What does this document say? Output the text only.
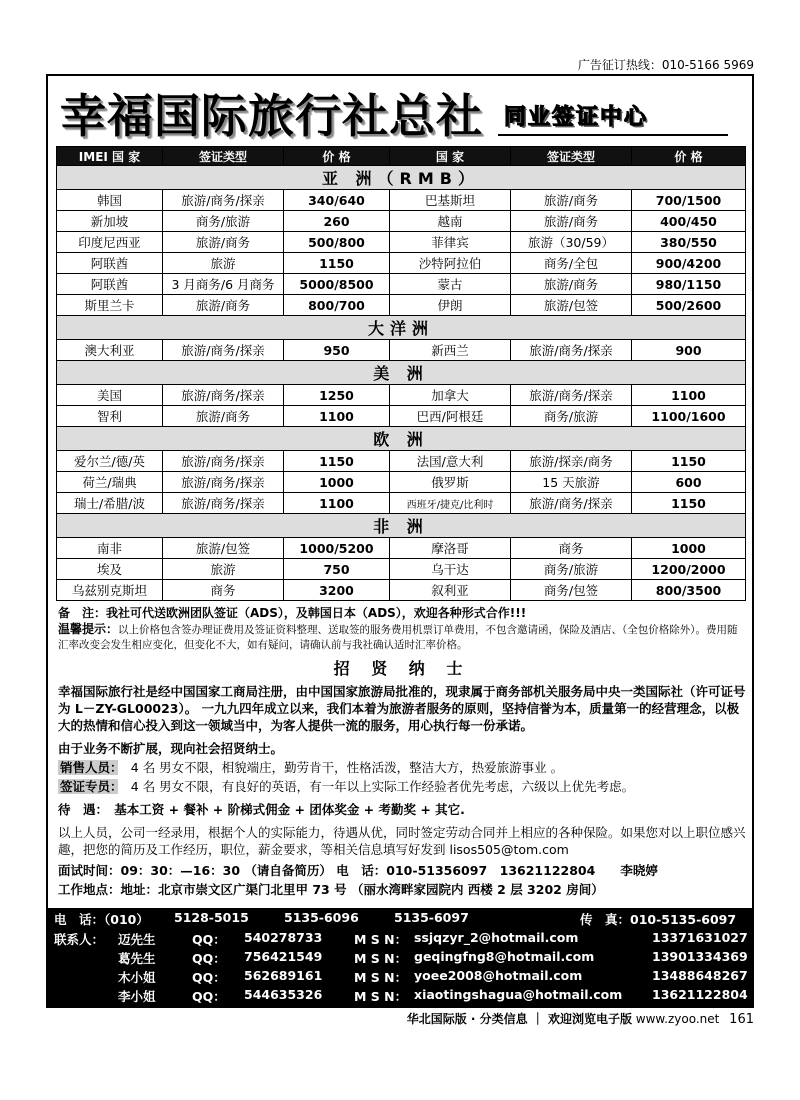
广告征订热线：010-5166 5969
幸福国际旅行社总社 同业签证中心
IMEI 国 家	签证类型	价 格	国 家	签证类型	价 格
亚 洲（RMB）					
韩国	旅游/商务/探亲	340/640	巴基斯坦	旅游/商务	700/1500
新加坡	商务/旅游	260	越南	旅游/商务	400/450
印度尼西亚	旅游/商务	500/800	菲律宾	旅游（30/59）	380/550
阿联酋	旅游	1150	沙特阿拉伯	商务/全包	900/4200
阿联酋	3 月商务/6 月商务	5000/8500	蒙古	旅游/商务	980/1150
斯里兰卡	旅游/商务	800/700	伊朗	旅游/包签	500/2600
大洋洲					
澳大利亚	旅游/商务/探亲	950	新西兰	旅游/商务/探亲	900
美 洲					
美国	旅游/商务/探亲	1250	加拿大	旅游/商务/探亲	1100
智利	旅游/商务	1100	巴西/阿根廷	商务/旅游	1100/1600
欧 洲					
爱尔兰/德/英	旅游/商务/探亲	1150	法国/意大利	旅游/探亲/商务	1150
荷兰/瑞典	旅游/商务/探亲	1000	俄罗斯	15 天旅游	600
瑞士/希腊/波	旅游/商务/探亲	1100	西班牙/捷克/比利时	旅游/商务/探亲	1150
非 洲					
南非	旅游/包签	1000/5200	摩洛哥	商务	1000
埃及	旅游	750	乌干达	商务/旅游	1200/2000
乌兹别克斯坦	商务	3200	叙利亚	商务/包签	800/3500
备　注：我社可代送欧洲团队签证（ADS），及韩国日本（ADS），欢迎各种形式合作!!!
温馨提示：以上价格包含签办理证费用及签证资料整理、送取签的服务费用机票订单费用，不包含邀请函，保险及酒店、（全包价格除外）。费用随汇率改变会发生相应变化，但变化不大，如有疑问，请确认前与我社确认适时汇率价格。
招 贤 纳 士

幸福国际旅行社是经中国国家工商局注册，由中国国家旅游局批准的，现隶属于商务部机关服务局中央一类国际社（许可证号为 L－ZY-GL00023）。 一九九四年成立以来，我们本着为旅游者服务的原则，坚持信誉为本，质量第一的经营理念，以极大的热情和信心投入到这一领域当中，为客人提供一流的服务，用心执行每一份承诺。

由于业务不断扩展，现向社会招贤纳士。

销售人员：　 4 名 男女不限，相貌端庄，勤劳肯干，性格活泼，整洁大方，热爱旅游事业 。

签证专员：　 4 名 男女不限，有良好的英语，有一年以上实际工作经验者优先考虑，六级以上优先考虑。

待　遇：　 基本工资 + 餐补 + 阶梯式佣金 + 团体奖金 + 考勤奖 + 其它.

以上人员，公司一经录用，根据个人的实际能力，待遇从优，同时签定劳动合同并上相应的各种保险。如果您对以上职位感兴趣，把您的简历及工作经历，职位，薪金要求，等相关信息填写好发到 lisos505@tom.com

面试时间：09：30：—16：30 （请自备简历） 电　话：010-51356097　13621122804　　李晓婷

工作地点：地址：北京市崇文区广渠门北里甲 73 号 （丽水湾畔家园院内 西楼 2 层 3202 房间）

电　话：（010） 5128-5015	5135-6096	5135-6097	传　真：010-5135-6097
联系人： 迈先生	QQ： 540278733	M S N： ssjqzyr_2@hotmail.com	13371631027
葛先生	QQ： 756421549	M S N： geqingfng8@hotmail.com	13901334369
木小姐	QQ： 562689161	M S N： yoee2008@hotmail.com	13488648267
李小姐	QQ： 544635326	M S N： xiaotingshagua@hotmail.com 13621122804
华北国际版 · 分类信息 ｜ 欢迎浏览电子版 www.zyoo.net 161
